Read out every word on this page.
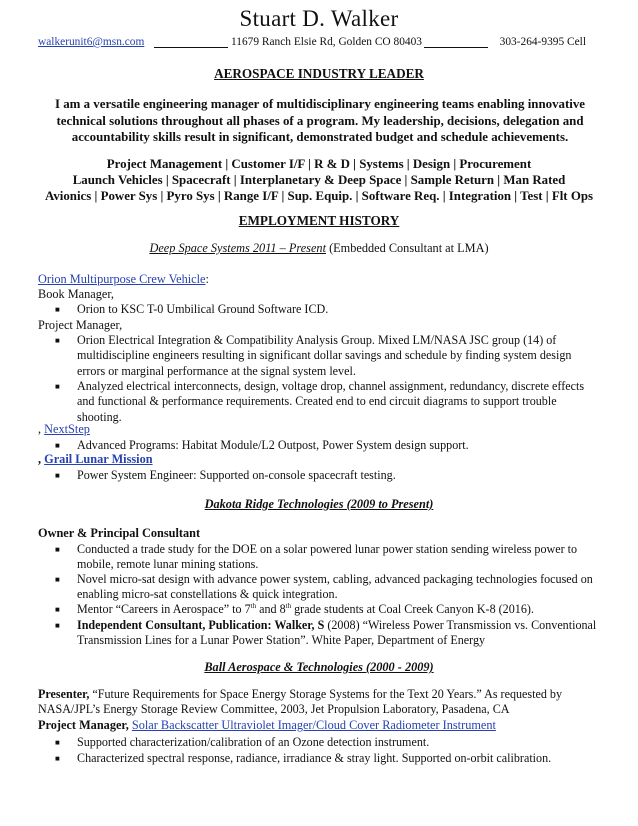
Stuart D. Walker
walkerunit6@msn.com	11679 Ranch Elsie Rd, Golden CO 80403	303-264-9395 Cell
AEROSPACE INDUSTRY LEADER
I am a versatile engineering manager of multidisciplinary engineering teams enabling innovative technical solutions throughout all phases of a program. My leadership, decisions, delegation and accountability skills result in significant, demonstrated budget and schedule achievements.
Project Management | Customer I/F | R & D | Systems | Design | Procurement
Launch Vehicles | Spacecraft | Interplanetary & Deep Space | Sample Return | Man Rated
Avionics | Power Sys | Pyro Sys | Range I/F | Sup. Equip. | Software Req. | Integration | Test | Flt Ops
EMPLOYMENT HISTORY
Deep Space Systems 2011 – Present (Embedded Consultant at LMA)
Orion Multipurpose Crew Vehicle:
Book Manager,
■ Orion to KSC T-0 Umbilical Ground Software ICD.
Project Manager,
■ Orion Electrical Integration & Compatibility Analysis Group. Mixed LM/NASA JSC group (14) of multidiscipline engineers resulting in significant dollar savings and schedule by finding system design errors or marginal performance at the signal system level.
■ Analyzed electrical interconnects, design, voltage drop, channel assignment, redundancy, discrete effects and functional & performance requirements. Created end to end circuit diagrams to support trouble shooting.
, NextStep
■ Advanced Programs: Habitat Module/L2 Outpost, Power System design support.
, Grail Lunar Mission
■ Power System Engineer: Supported on-console spacecraft testing.
Dakota Ridge Technologies (2009 to Present)
Owner & Principal Consultant
■ Conducted a trade study for the DOE on a solar powered lunar power station sending wireless power to mobile, remote lunar mining stations.
■ Novel micro-sat design with advance power system, cabling, advanced packaging technologies focused on enabling micro-sat constellations & quick integration.
■ Mentor “Careers in Aerospace” to 7th and 8th grade students at Coal Creek Canyon K-8 (2016).
■ Independent Consultant, Publication: Walker, S (2008) “Wireless Power Transmission vs. Conventional Transmission Lines for a Lunar Power Station”. White Paper, Department of Energy
Ball Aerospace & Technologies (2000 - 2009)
Presenter, “Future Requirements for Space Energy Storage Systems for the Text 20 Years.” As requested by NASA/JPL’s Energy Storage Review Committee, 2003, Jet Propulsion Laboratory, Pasadena, CA
Project Manager, Solar Backscatter Ultraviolet Imager/Cloud Cover Radiometer Instrument
■ Supported characterization/calibration of an Ozone detection instrument.
■ Characterized spectral response, radiance, irradiance & stray light. Supported on-orbit calibration.
